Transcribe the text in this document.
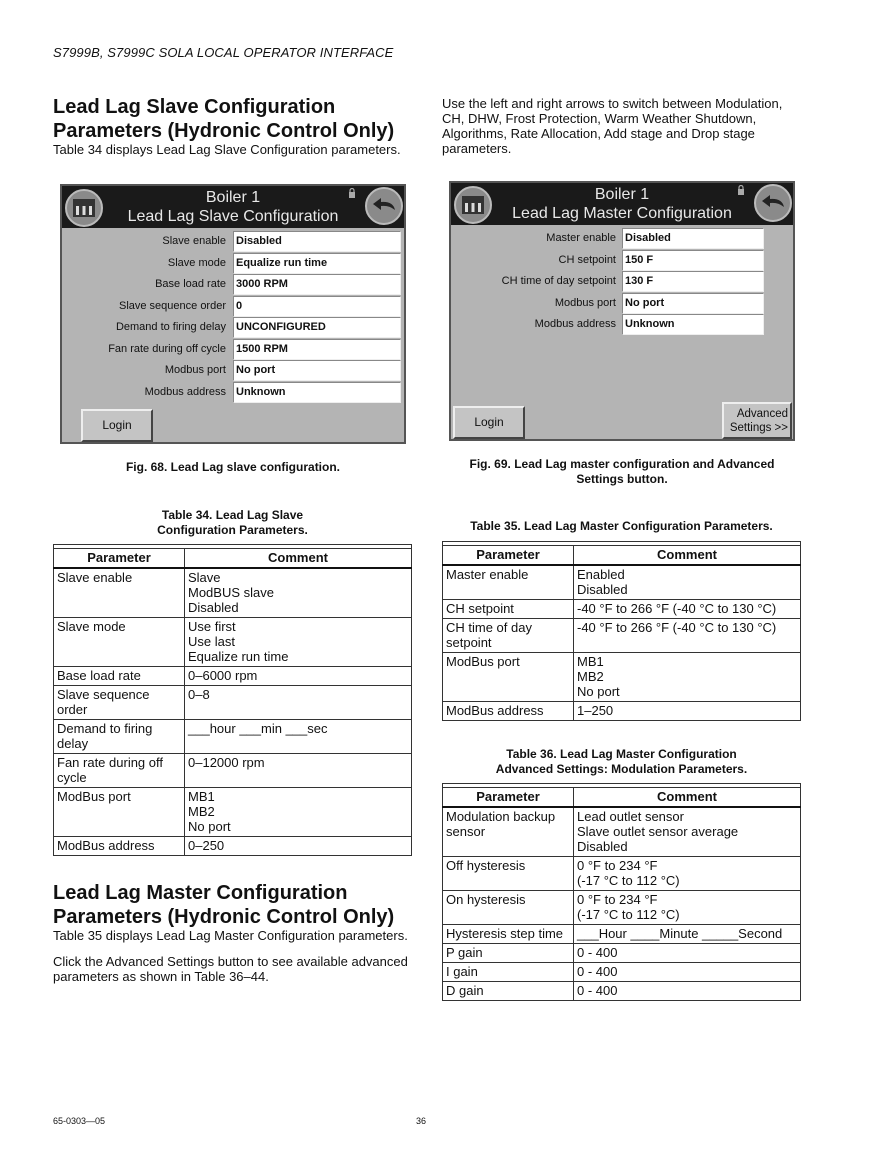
S7999B, S7999C SOLA LOCAL OPERATOR INTERFACE
Lead Lag Slave Configuration
Parameters (Hydronic Control Only)

Table 34 displays Lead Lag Slave Configuration parameters.

Use the left and right arrows to switch between Modulation,
CH, DHW, Frost Protection, Warm Weather Shutdown,
Algorithms, Rate Allocation, Add stage and Drop stage
parameters.

Boiler 1
Lead Lag Slave Configuration
Slave enable Disabled
Slave mode Equalize run time
Base load rate 3000 RPM
Slave sequence order 0
Demand to firing delay UNCONFIGURED
Fan rate during off cycle 1500 RPM
Modbus port No port
Modbus address Unknown
Login
Fig. 68. Lead Lag slave configuration.
Boiler 1
Lead Lag Master Configuration
Master enable Disabled
CH setpoint 150 F
CH time of day setpoint 130 F
Modbus port No port
Modbus address Unknown
Login
Advanced
Settings >>
Fig. 69. Lead Lag master configuration and Advanced
Settings button.
Table 34. Lead Lag Slave
Configuration Parameters.

Parameter	Comment
Slave enable	Slave
ModBUS slave
Disabled
Slave mode	Use first
Use last
Equalize run time
Base load rate	0–6000 rpm
Slave sequence
order	0–8
Demand to firing
delay	___hour ___min ___sec
Fan rate during off
cycle	0–12000 rpm
ModBus port	MB1
MB2
No port
ModBus address	0–250
Lead Lag Master Configuration
Parameters (Hydronic Control Only)

Table 35 displays Lead Lag Master Configuration parameters.

Click the Advanced Settings button to see available advanced
parameters as shown in Table 36–44.

Table 35. Lead Lag Master Configuration Parameters.

Parameter	Comment
Master enable	Enabled
Disabled
CH setpoint	-40 °F to 266 °F (-40 °C to 130 °C)
CH time of day
setpoint	-40 °F to 266 °F (-40 °C to 130 °C)
ModBus port	MB1
MB2
No port
ModBus address	1–250
Table 36. Lead Lag Master Configuration
Advanced Settings: Modulation Parameters.

Parameter	Comment
Modulation backup
sensor	Lead outlet sensor
Slave outlet sensor average
Disabled
Off hysteresis	0 °F to 234 °F
(-17 °C to 112 °C)
On hysteresis	0 °F to 234 °F
(-17 °C to 112 °C)
Hysteresis step time	___Hour ____Minute _____Second
P gain	0 - 400
I gain	0 - 400
D gain	0 - 400
65-0303—05	36
